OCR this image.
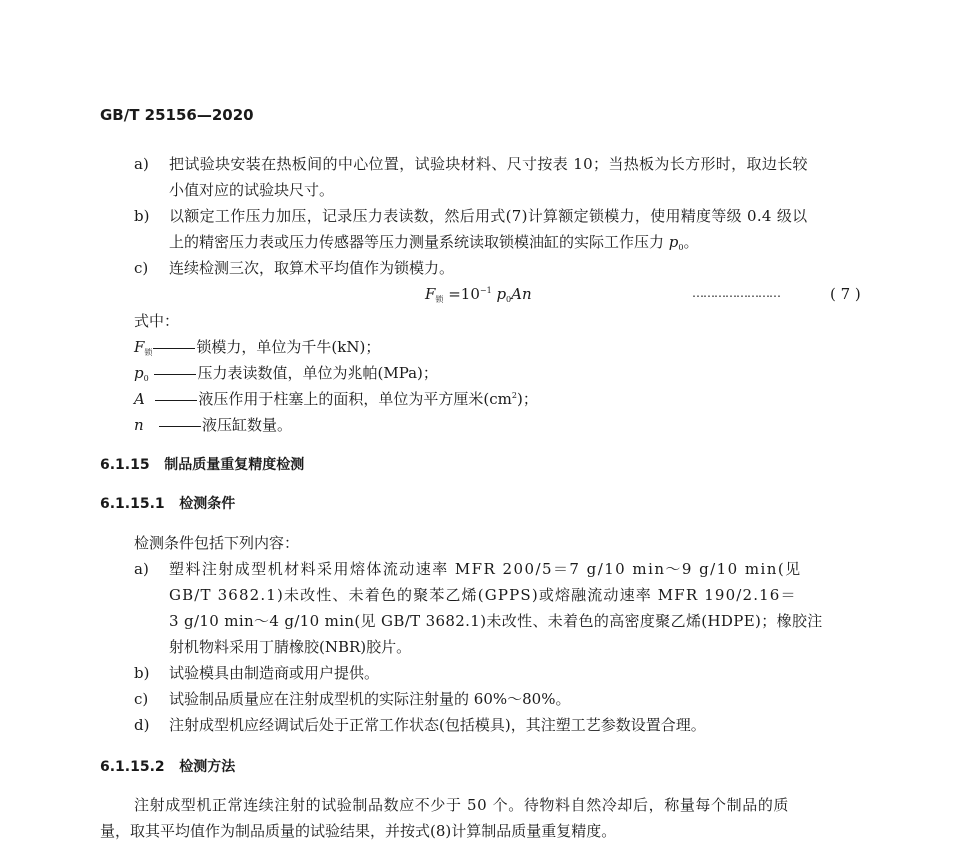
GB/T 25156—2020
a) 把试验块安装在热板间的中心位置，试验块材料、尺寸按表 10；当热板为长方形时，取边长较
小值对应的试验块尺寸。
b) 以额定工作压力加压，记录压力表读数，然后用式(7)计算额定锁模力，使用精度等级 0.4 级以
上的精密压力表或压力传感器等压力测量系统读取锁模油缸的实际工作压力 $p_0$。
c) 连续检测三次，取算术平均值作为锁模力。
$F_锁 =10^{-1}$ $p_0An$	……………………	( 7 )
式中：
$F_锁$	锁模力，单位为千牛(kN)；
$p_0$	压力表读数值，单位为兆帕(MPa)；
A	液压作用于柱塞上的面积，单位为平方厘米$(cm^2)$；
n	液压缸数量。
6.1.15 制品质量重复精度检测
6.1.15.1 检测条件
检测条件包括下列内容：
a) 塑料注射成型机材料采用熔体流动速率 MFR 200/5＝7 g/10 min～9 g/10 min(见
GB/T 3682.1)未改性、未着色的聚苯乙烯(GPPS)或熔融流动速率 MFR 190/2.16＝
3 g/10 min～4 g/10 min(见 GB/T 3682.1)未改性、未着色的高密度聚乙烯(HDPE)；橡胶注
射机物料采用丁腈橡胶(NBR)胶片。
b) 试验模具由制造商或用户提供。
c) 试验制品质量应在注射成型机的实际注射量的 60%～80%。
d) 注射成型机应经调试后处于正常工作状态(包括模具)，其注塑工艺参数设置合理。
6.1.15.2 检测方法
注射成型机正常连续注射的试验制品数应不少于 50 个。待物料自然冷却后，称量每个制品的质
量，取其平均值作为制品质量的试验结果，并按式(8)计算制品质量重复精度。
